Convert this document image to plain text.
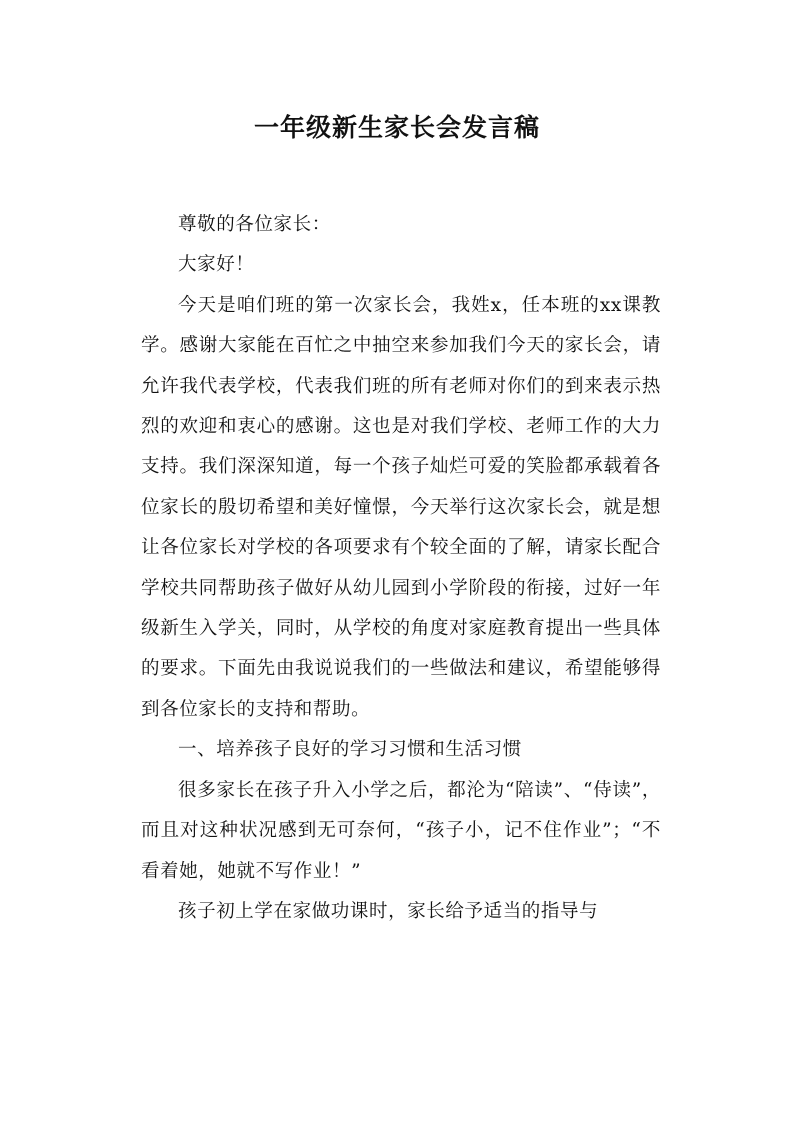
一年级新生家长会发言稿

尊敬的各位家长：

大家好！

今天是咱们班的第一次家长会，我姓x，任本班的xx课教学。感谢大家能在百忙之中抽空来参加我们今天的家长会，请允许我代表学校，代表我们班的所有老师对你们的到来表示热烈的欢迎和衷心的感谢。这也是对我们学校、老师工作的大力支持。我们深深知道，每一个孩子灿烂可爱的笑脸都承载着各位家长的殷切希望和美好憧憬，今天举行这次家长会，就是想让各位家长对学校的各项要求有个较全面的了解，请家长配合学校共同帮助孩子做好从幼儿园到小学阶段的衔接，过好一年级新生入学关，同时，从学校的角度对家庭教育提出一些具体的要求。下面先由我说说我们的一些做法和建议，希望能够得到各位家长的支持和帮助。

一、培养孩子良好的学习习惯和生活习惯

很多家长在孩子升入小学之后，都沦为“陪读”、“侍读”，而且对这种状况感到无可奈何，“孩子小，记不住作业”；“不看着她，她就不写作业！”

孩子初上学在家做功课时，家长给予适当的指导与
